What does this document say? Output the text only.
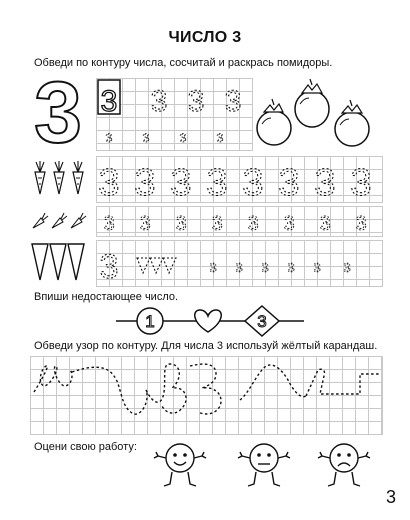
ЧИСЛО 3
Обведи по контуру числа, сосчитай и раскрась помидоры.
3 3 3 3 3
3	3	3	3
3 3 3 3 3 3 3 3
3 3 3 3 3 3 3 3
3	3 3 3 3 3 3
Впиши недостающее число.
1	3
Обведи узор по контуру. Для числа 3 используй жёлтый карандаш.
Оцени свою работу:
3
